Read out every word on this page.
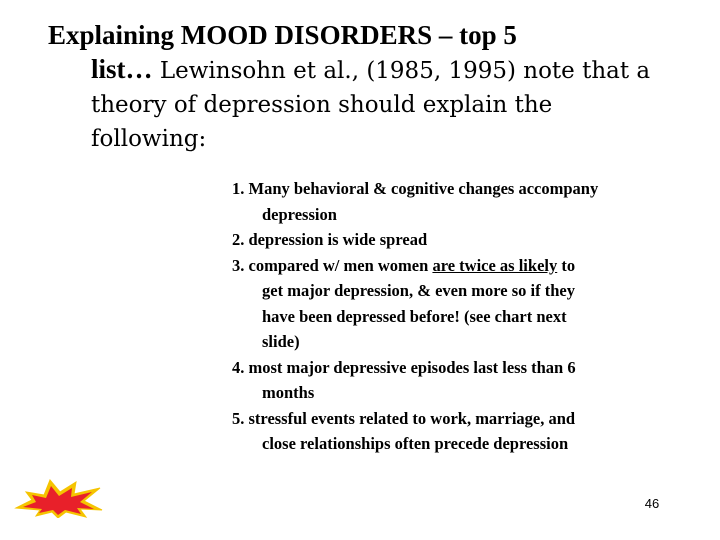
Explaining MOOD DISORDERS – top 5
list… Lewinsohn et al., (1985, 1995) note that a
theory of depression should explain the
following:
1. Many behavioral & cognitive changes accompany
depression
2. depression is wide spread
3. compared w/ men women are twice as likely to
get major depression, & even more so if they
have been depressed before! (see chart next
slide)
4. most major depressive episodes last less than 6
months
5. stressful events related to work, marriage, and
close relationships often precede depression
46
